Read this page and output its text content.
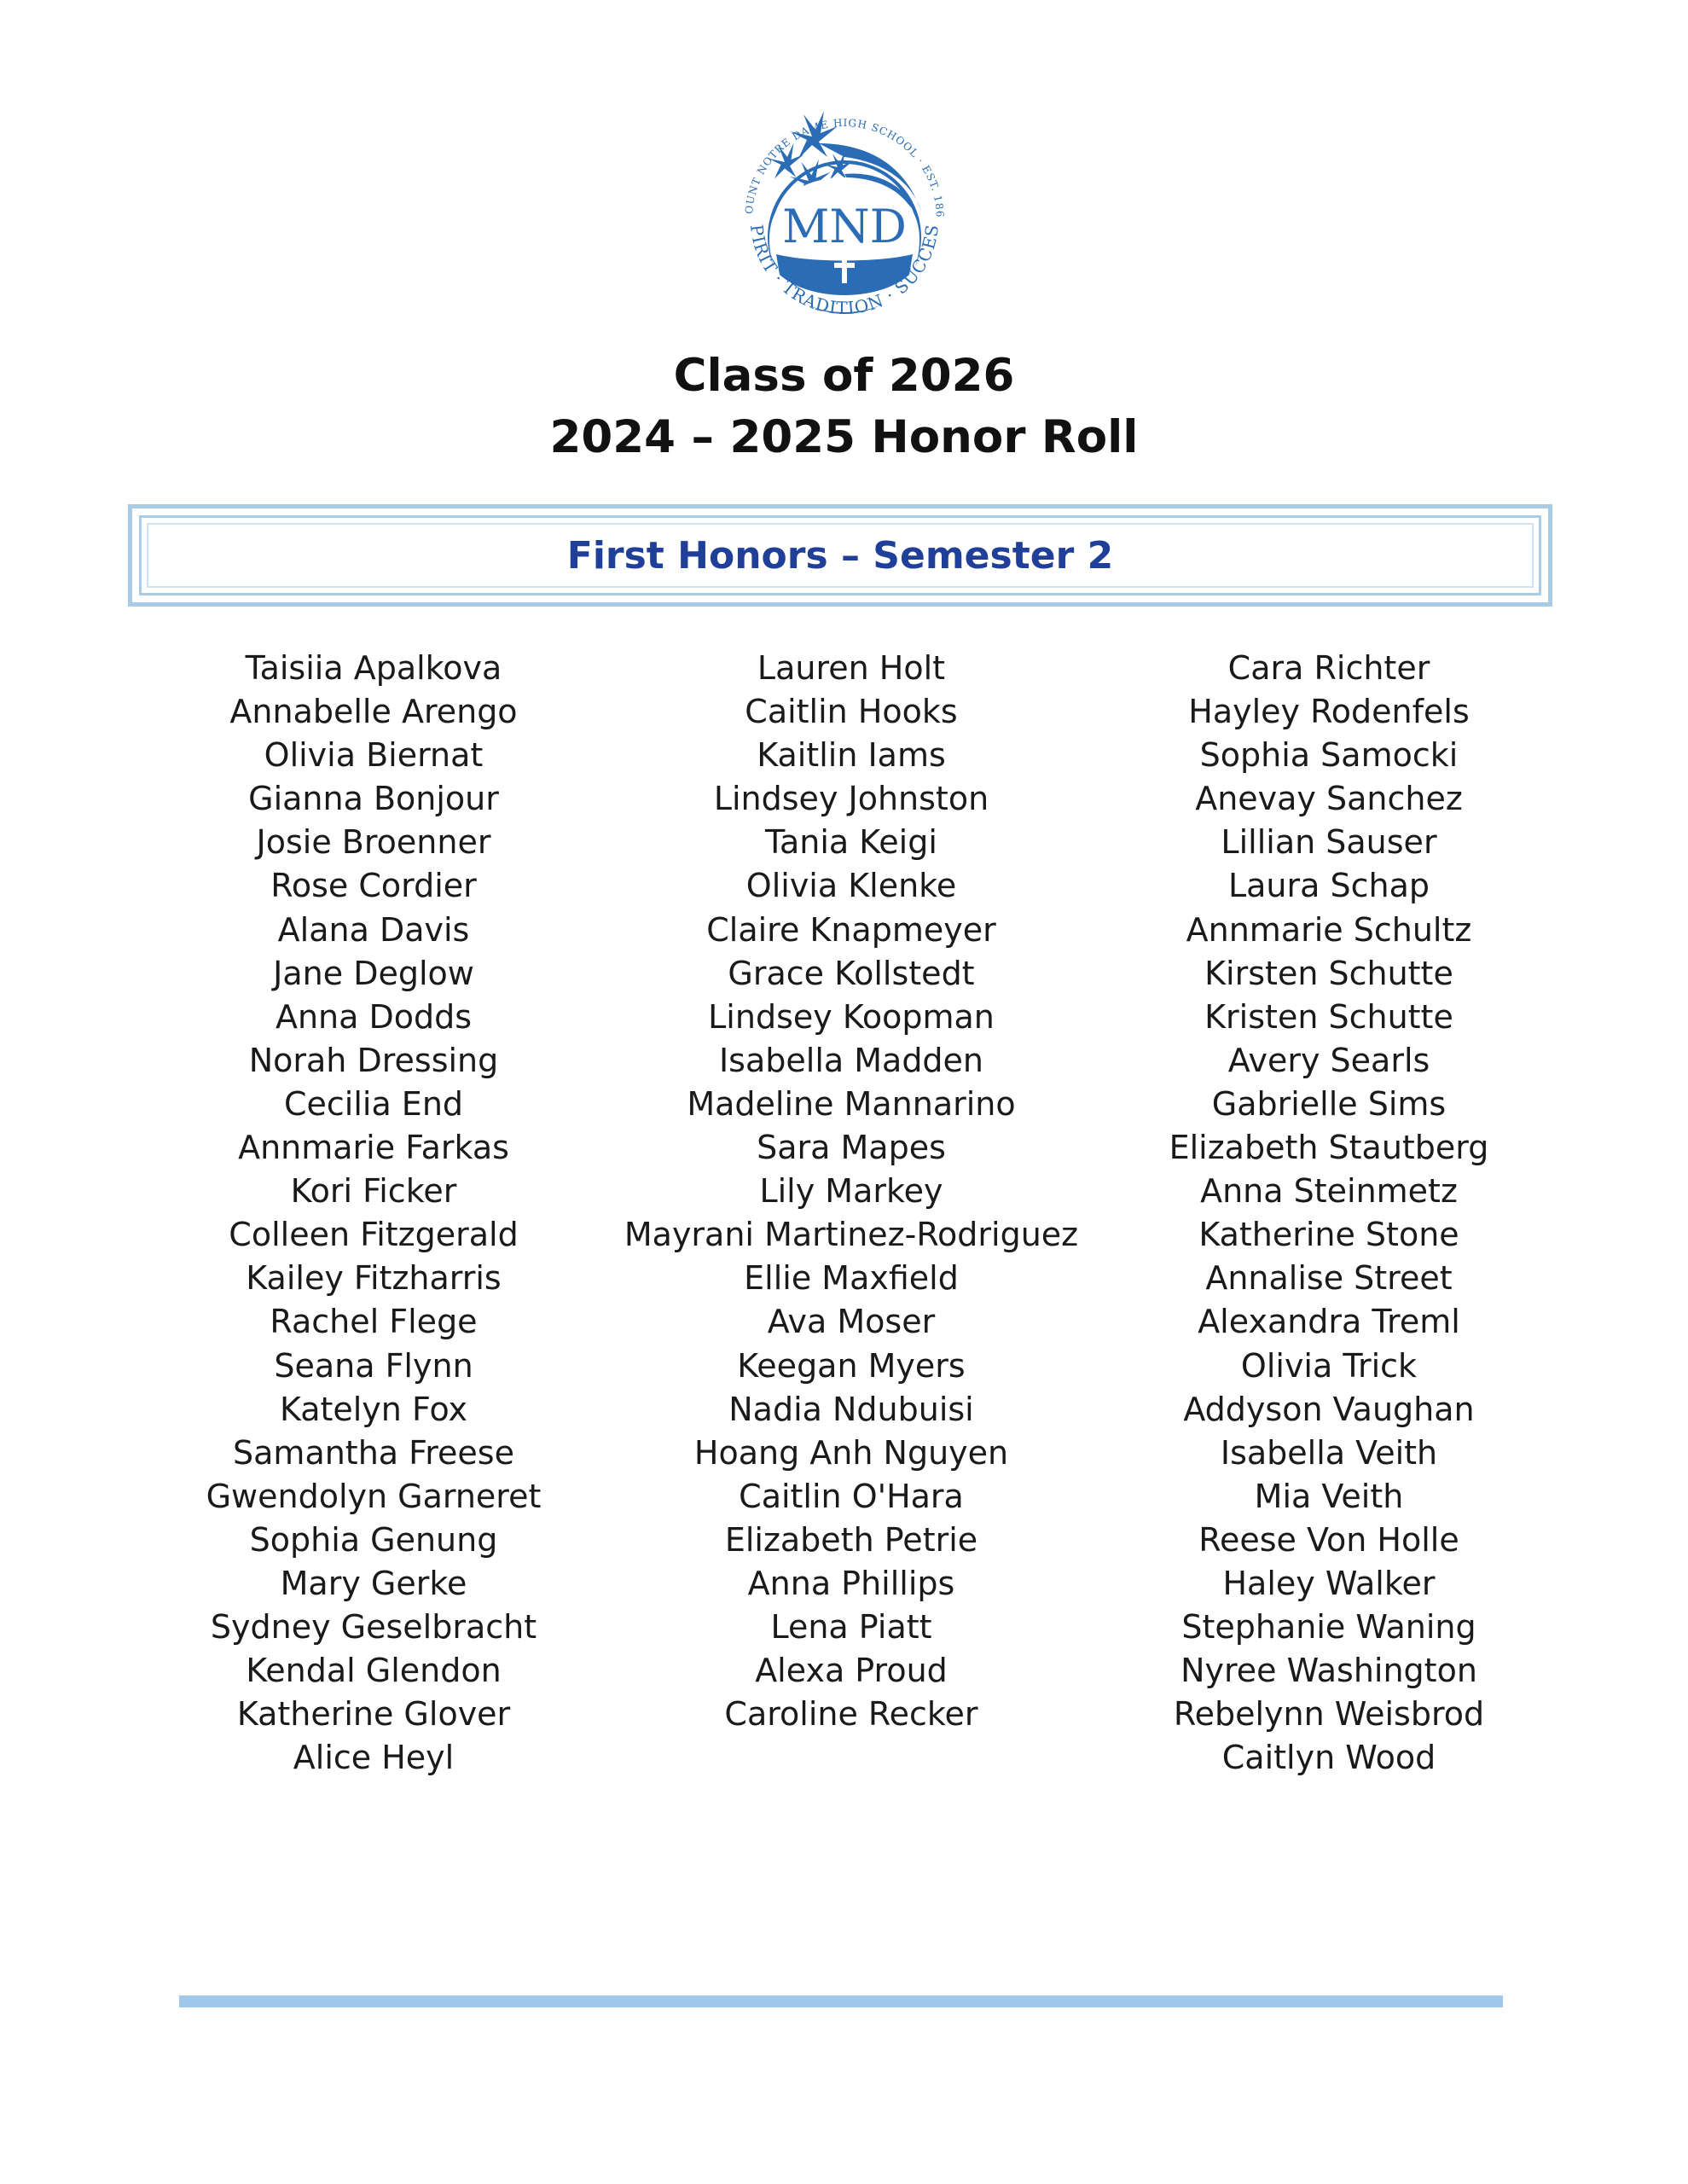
MND
OUNT NOTRE DAME HIGH SCHOOL · EST. 186
PIRIT · TRADITION · SUCCES
Class of 2026
2024 – 2025 Honor Roll
First Honors – Semester 2
Taisiia Apalkova
Annabelle Arengo
Olivia Biernat
Gianna Bonjour
Josie Broenner
Rose Cordier
Alana Davis
Jane Deglow
Anna Dodds
Norah Dressing
Cecilia End
Annmarie Farkas
Kori Ficker
Colleen Fitzgerald
Kailey Fitzharris
Rachel Flege
Seana Flynn
Katelyn Fox
Samantha Freese
Gwendolyn Garneret
Sophia Genung
Mary Gerke
Sydney Geselbracht
Kendal Glendon
Katherine Glover
Alice Heyl
Lauren Holt
Caitlin Hooks
Kaitlin Iams
Lindsey Johnston
Tania Keigi
Olivia Klenke
Claire Knapmeyer
Grace Kollstedt
Lindsey Koopman
Isabella Madden
Madeline Mannarino
Sara Mapes
Lily Markey
Mayrani Martinez-Rodriguez
Ellie Maxfield
Ava Moser
Keegan Myers
Nadia Ndubuisi
Hoang Anh Nguyen
Caitlin O'Hara
Elizabeth Petrie
Anna Phillips
Lena Piatt
Alexa Proud
Caroline Recker
Cara Richter
Hayley Rodenfels
Sophia Samocki
Anevay Sanchez
Lillian Sauser
Laura Schap
Annmarie Schultz
Kirsten Schutte
Kristen Schutte
Avery Searls
Gabrielle Sims
Elizabeth Stautberg
Anna Steinmetz
Katherine Stone
Annalise Street
Alexandra Treml
Olivia Trick
Addyson Vaughan
Isabella Veith
Mia Veith
Reese Von Holle
Haley Walker
Stephanie Waning
Nyree Washington
Rebelynn Weisbrod
Caitlyn Wood
